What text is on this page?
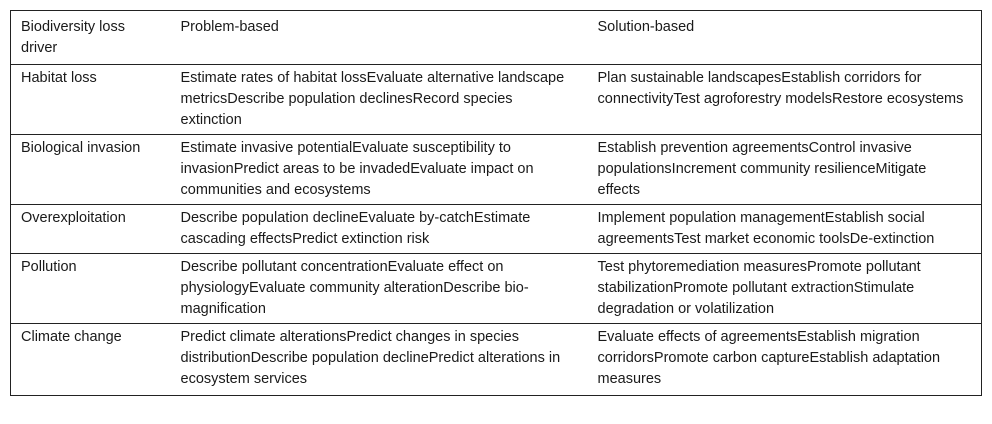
Biodiversity loss driver	Problem-based	Solution-based
Habitat loss	Estimate rates of habitat lossEvaluate alternative landscape metricsDescribe population declinesRecord species extinction	Plan sustainable landscapesEstablish corridors for connectivityTest agroforestry modelsRestore ecosystems
Biological invasion	Estimate invasive potentialEvaluate susceptibility to invasionPredict areas to be invadedEvaluate impact on communities and ecosystems	Establish prevention agreementsControl invasive populationsIncrement community resilienceMitigate effects
Overexploitation	Describe population declineEvaluate by-catchEstimate cascading effectsPredict extinction risk	Implement population managementEstablish social agreementsTest market economic toolsDe-extinction
Pollution	Describe pollutant concentrationEvaluate effect on physiologyEvaluate community alterationDescribe bio-magnification	Test phytoremediation measuresPromote pollutant stabilizationPromote pollutant extractionStimulate degradation or volatilization
Climate change	Predict climate alterationsPredict changes in species distributionDescribe population declinePredict alterations in ecosystem services	Evaluate effects of agreementsEstablish migration corridorsPromote carbon captureEstablish adaptation measures
